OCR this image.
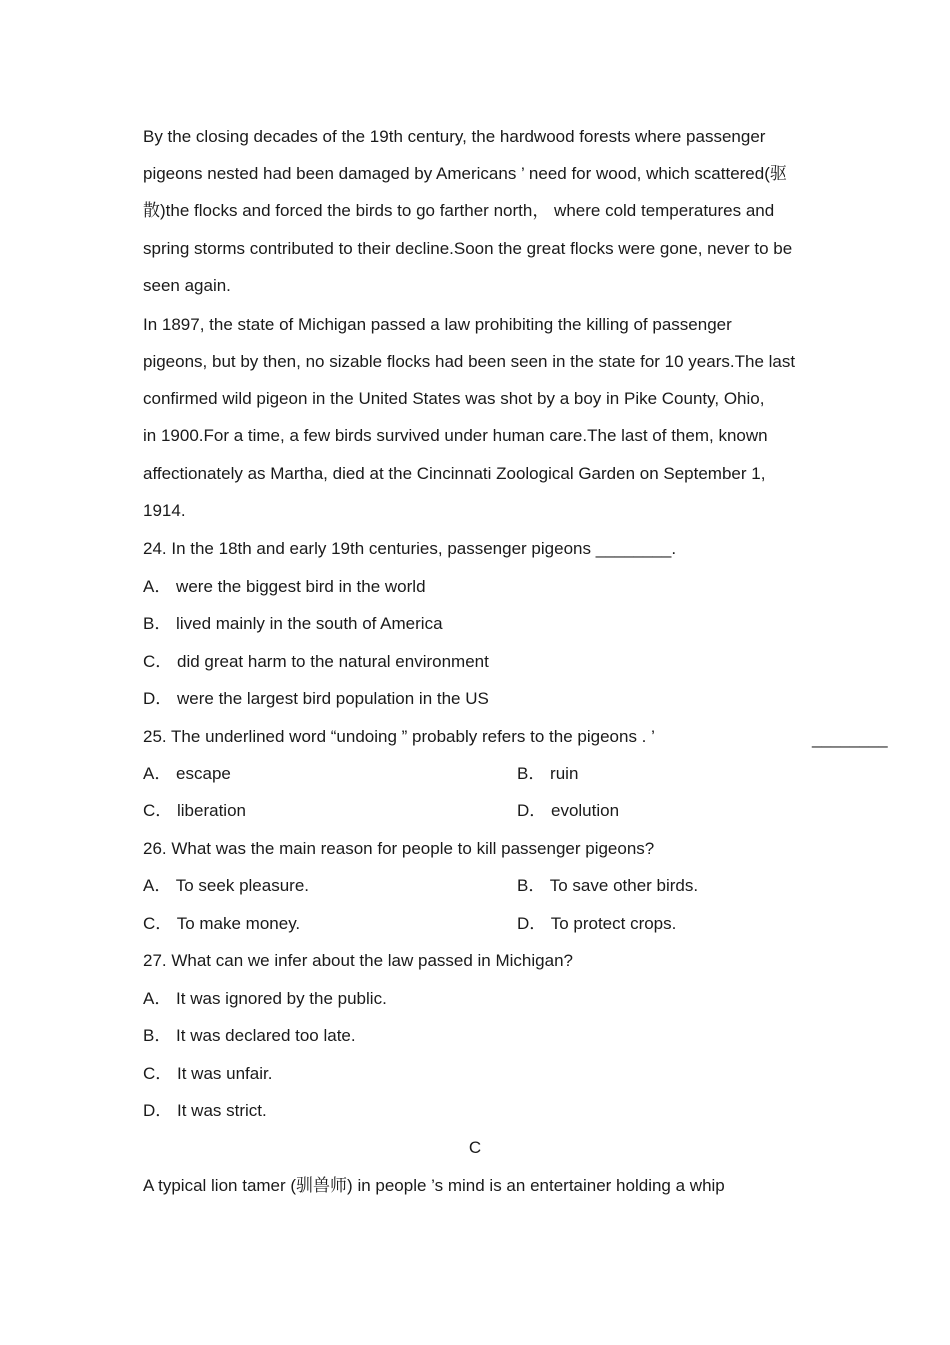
By the closing decades of the 19th century, the hardwood forests where passenger
pigeons nested had been damaged by Americans ’ need for wood, which scattered(驱
散)the flocks and forced the birds to go farther north， where cold temperatures and
spring storms contributed to their decline.Soon the great flocks were gone, never to be
seen again.
In 1897, the state of Michigan passed a law prohibiting the killing of passenger
pigeons, but by then, no sizable flocks had been seen in the state for 10 years.The last
confirmed wild pigeon in the United States was shot by a boy in Pike County, Ohio,
in 1900.For a time, a few birds survived under human care.The last of them, known
affectionately as Martha, died at the Cincinnati Zoological Garden on September 1,
1914.
24. In the 18th and early 19th centuries, passenger pigeons ________.
A． were the biggest bird in the world
B． lived mainly in the south of America
C． did great harm to the natural environment
D． were the largest bird population in the US
25. The underlined word “undoing ” probably refers to the pigeons . ’	________
A． escape	B． ruin
C． liberation	D． evolution
26. What was the main reason for people to kill passenger pigeons?
A． To seek pleasure.	B． To save other birds.
C． To make money.	D． To protect crops.
27. What can we infer about the law passed in Michigan?
A． It was ignored by the public.
B． It was declared too late.
C． It was unfair.
D． It was strict.
C
A typical lion tamer (驯兽师) in people ’s mind is an entertainer holding a whip
